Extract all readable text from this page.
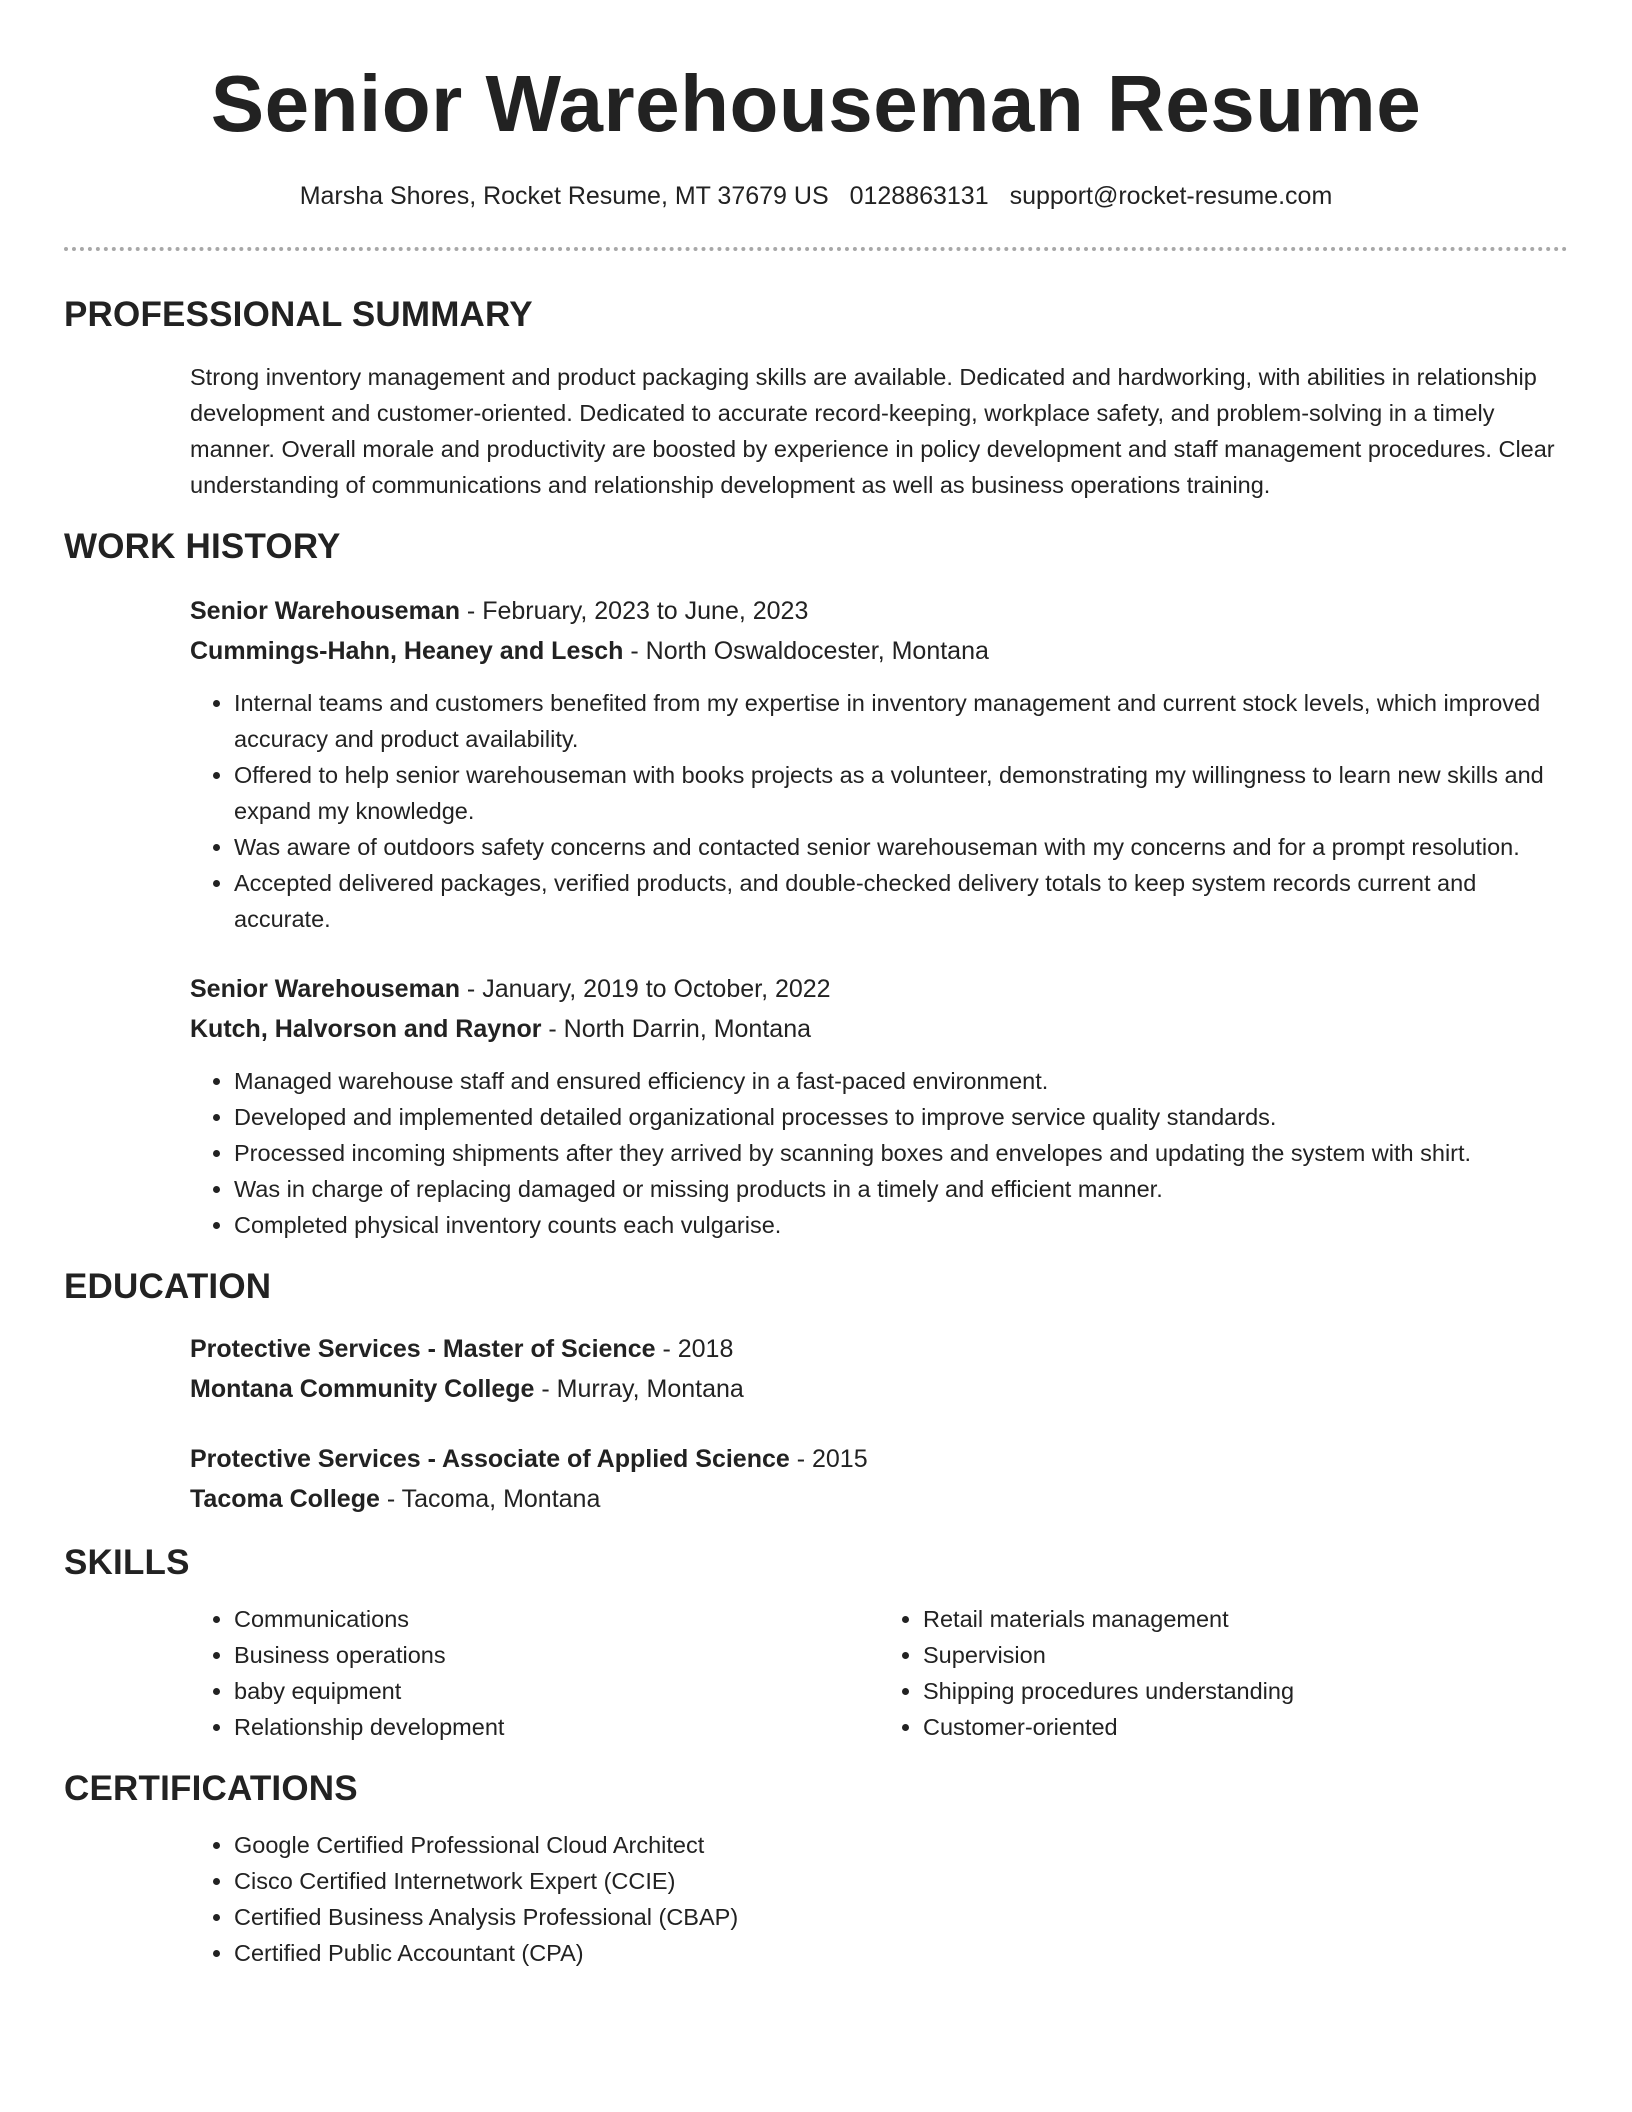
Senior Warehouseman Resume
Marsha Shores, Rocket Resume, MT 37679 US 0128863131 support@rocket-resume.com
PROFESSIONAL SUMMARY

Strong inventory management and product packaging skills are available. Dedicated and hardworking, with abilities in relationship development and customer-oriented. Dedicated to accurate record-keeping, workplace safety, and problem-solving in a timely manner. Overall morale and productivity are boosted by experience in policy development and staff management procedures. Clear understanding of communications and relationship development as well as business operations training.

WORK HISTORY
Senior Warehouseman - February, 2023 to June, 2023
Cummings-Hahn, Heaney and Lesch - North Oswaldocester, Montana
• Internal teams and customers benefited from my expertise in inventory management and current stock levels, which improved accuracy and product availability.
• Offered to help senior warehouseman with books projects as a volunteer, demonstrating my willingness to learn new skills and expand my knowledge.
• Was aware of outdoors safety concerns and contacted senior warehouseman with my concerns and for a prompt resolution.
• Accepted delivered packages, verified products, and double-checked delivery totals to keep system records current and accurate.
Senior Warehouseman - January, 2019 to October, 2022
Kutch, Halvorson and Raynor - North Darrin, Montana
• Managed warehouse staff and ensured efficiency in a fast-paced environment.
• Developed and implemented detailed organizational processes to improve service quality standards.
• Processed incoming shipments after they arrived by scanning boxes and envelopes and updating the system with shirt.
• Was in charge of replacing damaged or missing products in a timely and efficient manner.
• Completed physical inventory counts each vulgarise.
EDUCATION
Protective Services - Master of Science - 2018
Montana Community College - Murray, Montana
Protective Services - Associate of Applied Science - 2015
Tacoma College - Tacoma, Montana
SKILLS
• Communications
• Business operations
• baby equipment
• Relationship development
• Retail materials management
• Supervision
• Shipping procedures understanding
• Customer-oriented
CERTIFICATIONS
• Google Certified Professional Cloud Architect
• Cisco Certified Internetwork Expert (CCIE)
• Certified Business Analysis Professional (CBAP)
• Certified Public Accountant (CPA)
